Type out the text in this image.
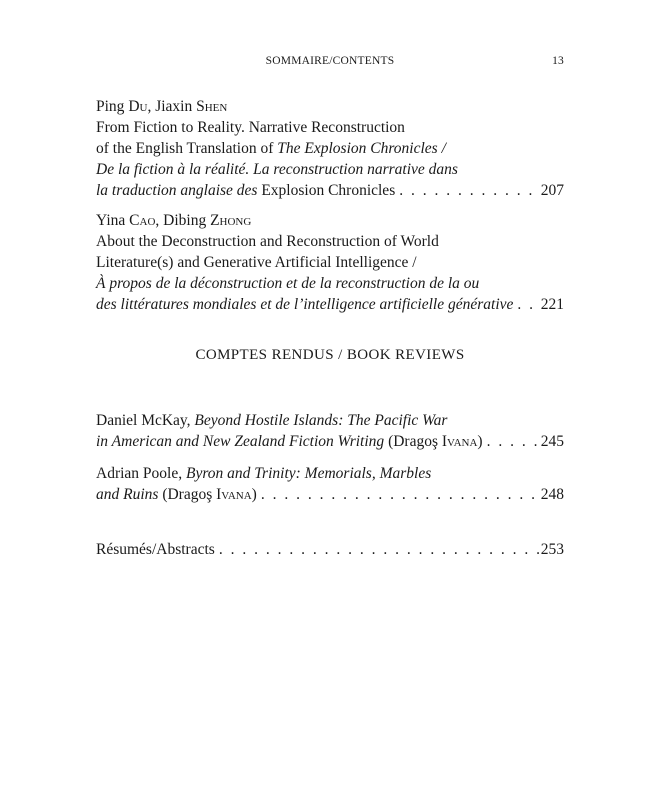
SOMMAIRE/CONTENTS	13
Ping Du, Jiaxin Shen
From Fiction to Reality. Narrative Reconstruction
of the English Translation of The Explosion Chronicles /
De la fiction à la réalité. La reconstruction narrative dans
la traduction anglaise des Explosion Chronicles . . .	207
Yina Cao, Dibing Zhong
About the Deconstruction and Reconstruction of World
Literature(s) and Generative Artificial Intelligence /
À propos de la déconstruction et de la reconstruction de la ou
des littératures mondiales et de l’intelligence artificielle générative . . . 221
COMPTES RENDUS / BOOK REVIEWS
Daniel McKay, Beyond Hostile Islands: The Pacific War
in American and New Zealand Fiction Writing (Dragoş Ivana) . . .	245
Adrian Poole, Byron and Trinity: Memorials, Marbles
and Ruins (Dragoş Ivana) . . .	248
Résumés/Abstracts . . .	253
